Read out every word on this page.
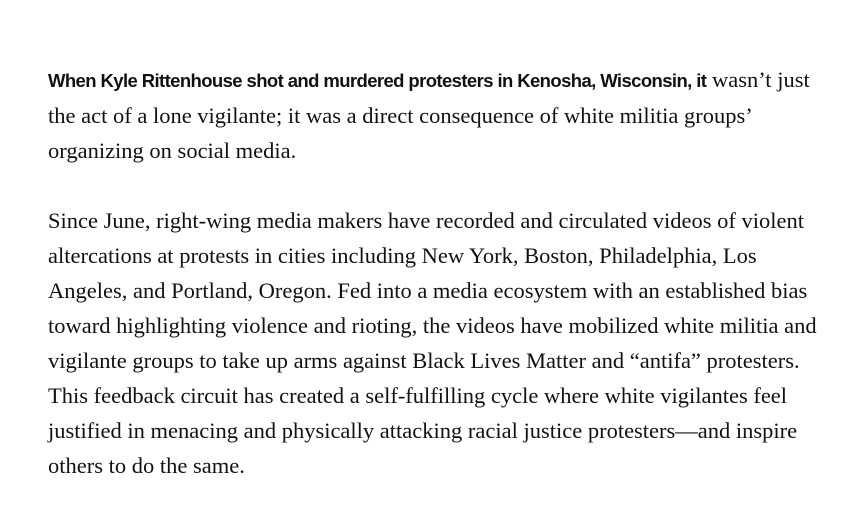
When Kyle Rittenhouse shot and murdered protesters in Kenosha, Wisconsin, it wasn’t just the act of a lone vigilante; it was a direct consequence of white militia groups’ organizing on social media.

Since June, right-wing media makers have recorded and circulated videos of violent altercations at protests in cities including New York, Boston, Philadelphia, Los Angeles, and Portland, Oregon. Fed into a media ecosystem with an established bias toward highlighting violence and rioting, the videos have mobilized white militia and vigilante groups to take up arms against Black Lives Matter and “antifa” protesters. This feedback circuit has created a self-fulfilling cycle where white vigilantes feel justified in menacing and physically attacking racial justice protesters—and inspire others to do the same.
